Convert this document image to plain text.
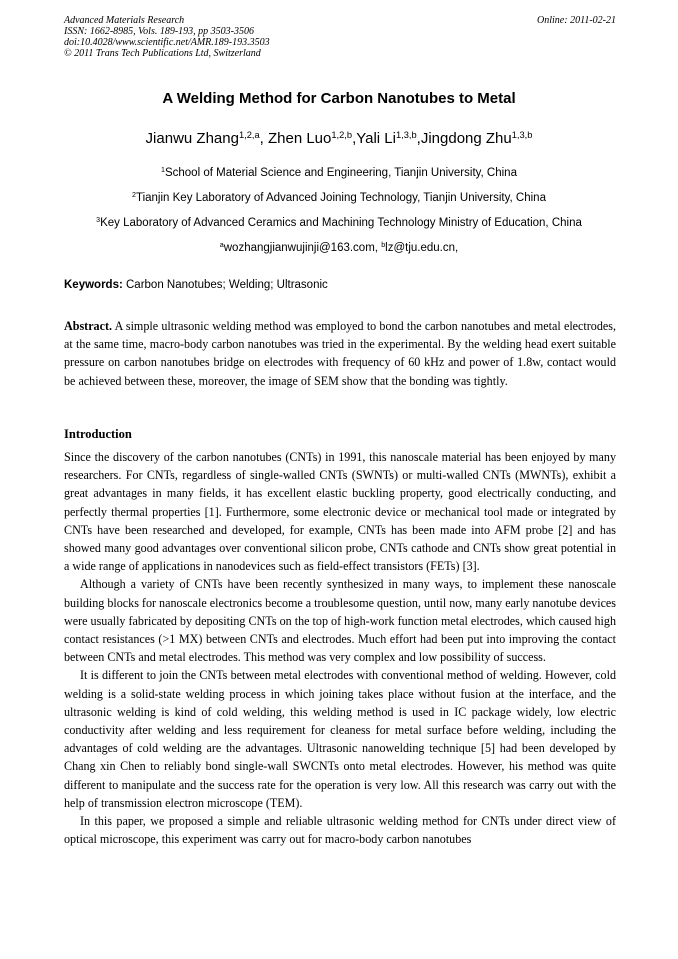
Advanced Materials Research
ISSN: 1662-8985, Vols. 189-193, pp 3503-3506
doi:10.4028/www.scientific.net/AMR.189-193.3503
© 2011 Trans Tech Publications Ltd, Switzerland
Online: 2011-02-21
A Welding Method for Carbon Nanotubes to Metal
Jianwu Zhang$^{1,2,a}$, Zhen Luo$^{1,2,b}$,Yali Li$^{1,3,b}$,Jingdong Zhu$^{1,3,b}$
$^1$School of Material Science and Engineering, Tianjin University, China
$^2$Tianjin Key Laboratory of Advanced Joining Technology, Tianjin University, China
$^3$Key Laboratory of Advanced Ceramics and Machining Technology Ministry of Education, China
$^a$wozhangjianwujinji@163.com, $^b$lz@tju.edu.cn,
Keywords: Carbon Nanotubes; Welding; Ultrasonic

Abstract. A simple ultrasonic welding method was employed to bond the carbon nanotubes and metal electrodes, at the same time, macro-body carbon nanotubes was tried in the experimental. By the welding head exert suitable pressure on carbon nanotubes bridge on electrodes with frequency of 60 kHz and power of 1.8w, contact would be achieved between these, moreover, the image of SEM show that the bonding was tightly.

Introduction

Since the discovery of the carbon nanotubes (CNTs) in 1991, this nanoscale material has been enjoyed by many researchers. For CNTs, regardless of single-walled CNTs (SWNTs) or multi-walled CNTs (MWNTs), exhibit a great advantages in many fields, it has excellent elastic buckling property, good electrically conducting, and perfectly thermal properties [1]. Furthermore, some electronic device or mechanical tool made or integrated by CNTs have been researched and developed, for example, CNTs has been made into AFM probe [2] and has showed many good advantages over conventional silicon probe, CNTs cathode and CNTs show great potential in a wide range of applications in nanodevices such as field-effect transistors (FETs) [3].

Although a variety of CNTs have been recently synthesized in many ways, to implement these nanoscale building blocks for nanoscale electronics become a troublesome question, until now, many early nanotube devices were usually fabricated by depositing CNTs on the top of high-work function metal electrodes, which caused high contact resistances (>1 MX) between CNTs and electrodes. Much effort had been put into improving the contact between CNTs and metal electrodes. This method was very complex and low possibility of success.

It is different to join the CNTs between metal electrodes with conventional method of welding. However, cold welding is a solid-state welding process in which joining takes place without fusion at the interface, and the ultrasonic welding is kind of cold welding, this welding method is used in IC package widely, low electric conductivity after welding and less requirement for cleaness for metal surface before welding, including the advantages of cold welding are the advantages. Ultrasonic nanowelding technique [5] had been developed by Chang xin Chen to reliably bond single-wall SWCNTs onto metal electrodes. However, his method was quite different to manipulate and the success rate for the operation is very low. All this research was carry out with the help of transmission electron microscope (TEM).

In this paper, we proposed a simple and reliable ultrasonic welding method for CNTs under direct view of optical microscope, this experiment was carry out for macro-body carbon nanotubes
